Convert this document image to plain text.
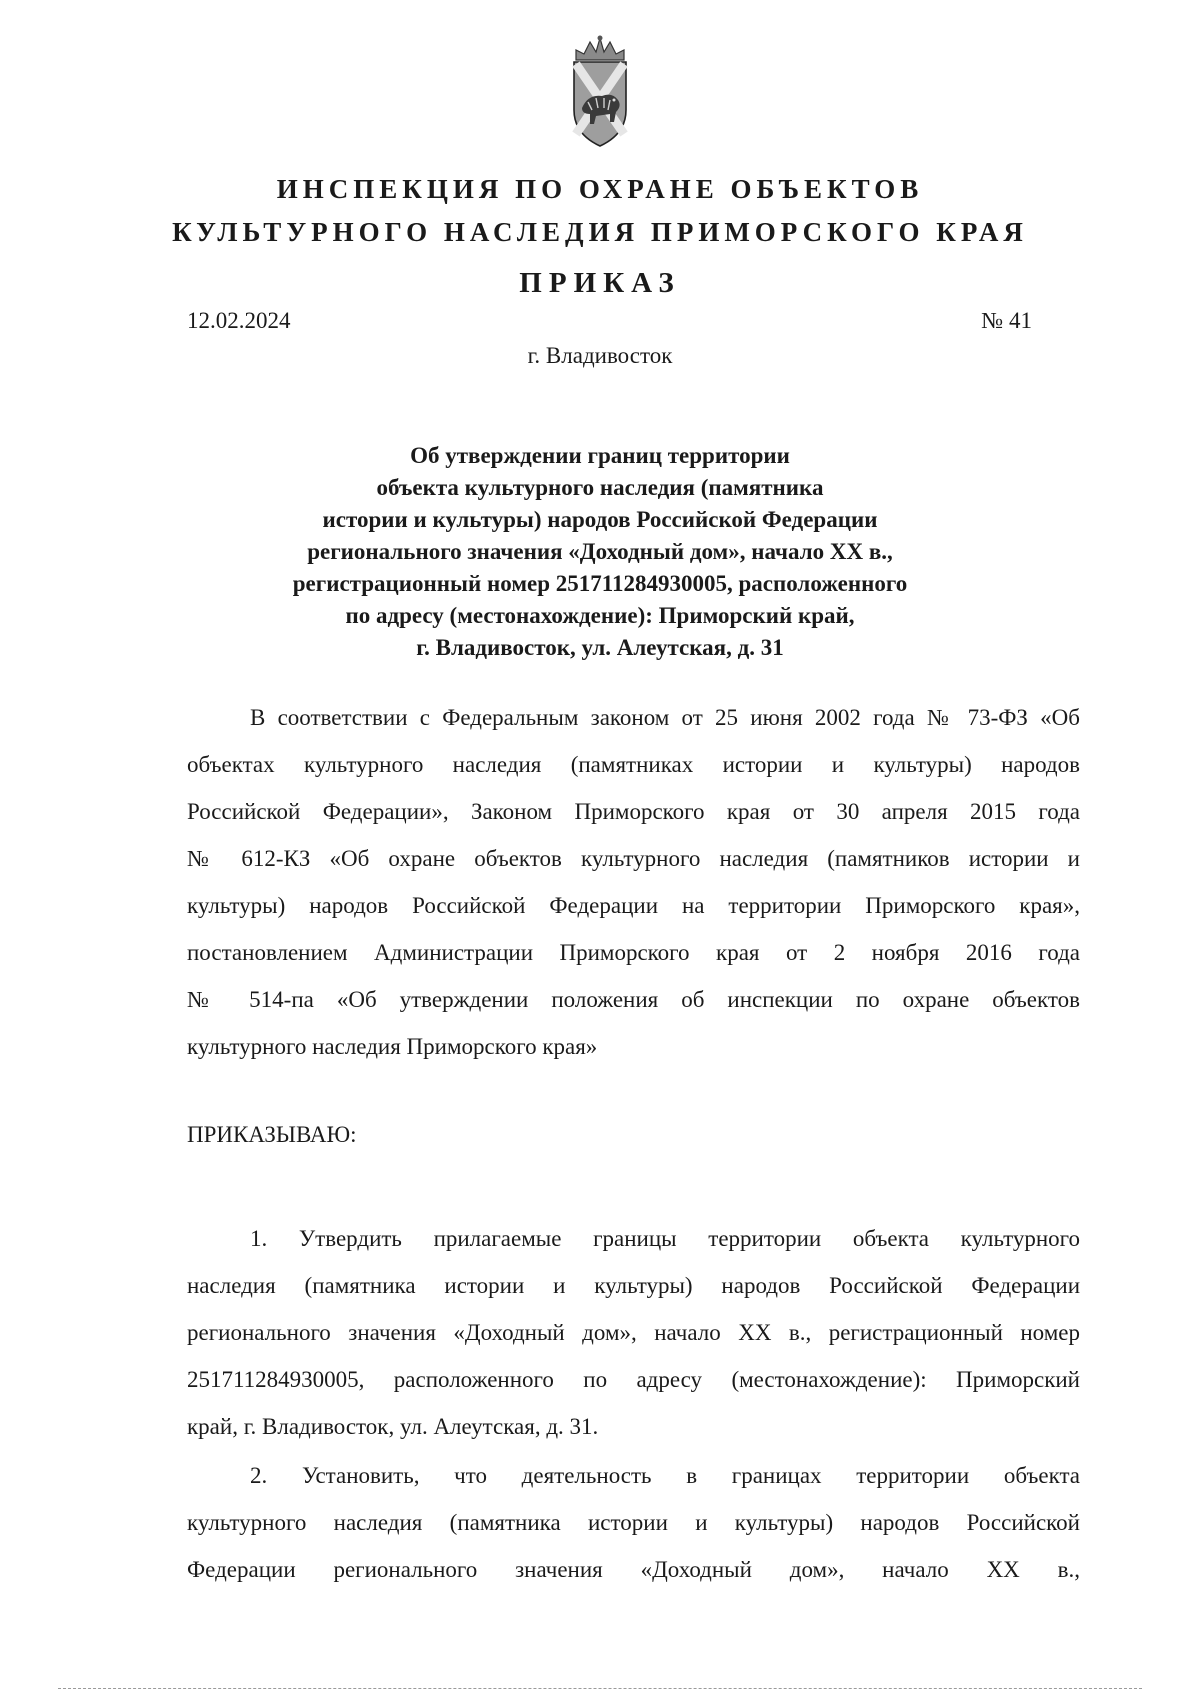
ИНСПЕКЦИЯ ПО ОХРАНЕ ОБЪЕКТОВ
КУЛЬТУРНОГО НАСЛЕДИЯ ПРИМОРСКОГО КРАЯ
ПРИКАЗ
12.02.2024	№ 41
г. Владивосток
Об утверждении границ территории
объекта культурного наследия (памятника
истории и культуры) народов Российской Федерации
регионального значения «Доходный дом», начало XX в.,
регистрационный номер 251711284930005, расположенного
по адресу (местонахождение): Приморский край,
г. Владивосток, ул. Алеутская, д. 31
В соответствии с Федеральным законом от 25 июня 2002 года № 73-ФЗ «Об
объектах культурного наследия (памятниках истории и культуры) народов
Российской Федерации», Законом Приморского края от 30 апреля 2015 года
№ 612-КЗ «Об охране объектов культурного наследия (памятников истории и
культуры) народов Российской Федерации на территории Приморского края»,
постановлением Администрации Приморского края от 2 ноября 2016 года
№ 514-па «Об утверждении положения об инспекции по охране объектов
культурного наследия Приморского края»
ПРИКАЗЫВАЮ:
1. Утвердить прилагаемые границы территории объекта культурного
наследия (памятника истории и культуры) народов Российской Федерации
регионального значения «Доходный дом», начало XX в., регистрационный номер
251711284930005, расположенного по адресу (местонахождение): Приморский
край, г. Владивосток, ул. Алеутская, д. 31.
2. Установить, что деятельность в границах территории объекта
культурного наследия (памятника истории и культуры) народов Российской
Федерации регионального значения «Доходный дом», начало XX в.,
